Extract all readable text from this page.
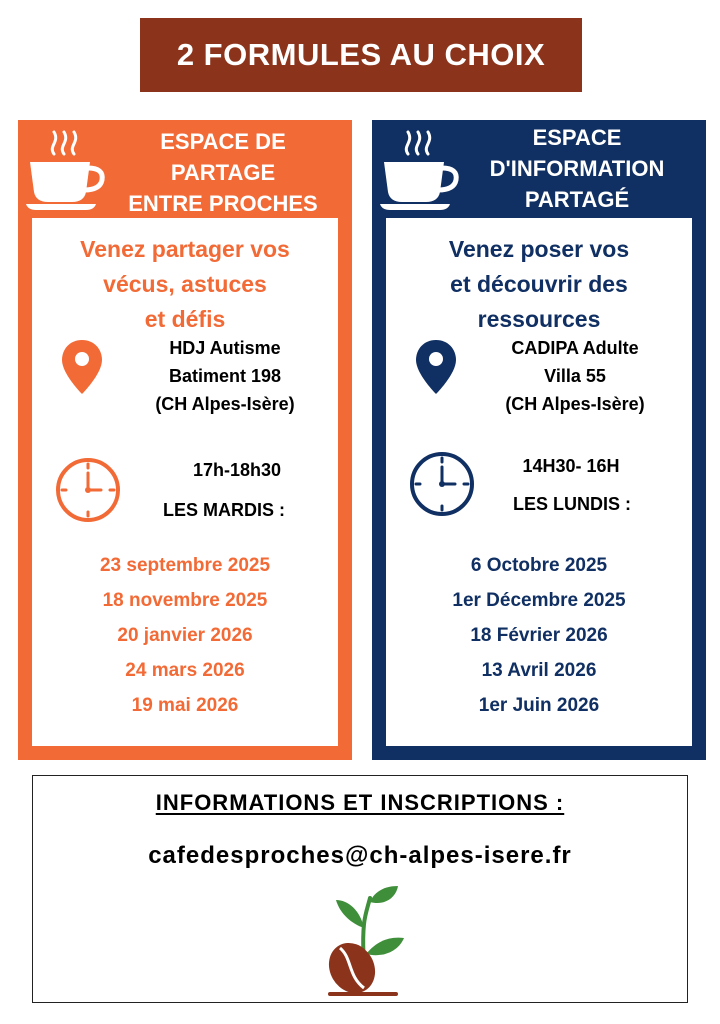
2 FORMULES AU CHOIX
ESPACE DE
PARTAGE
ENTRE PROCHES
Venez partager vos
vécus, astuces
et défis
HDJ Autisme
Batiment 198
(CH Alpes-Isère)
17h-18h30
LES MARDIS :
23 septembre 2025
18 novembre 2025
20 janvier 2026
24 mars 2026
19 mai 2026
ESPACE
D'INFORMATION
PARTAGÉ
Venez poser vos
et découvrir des
ressources
CADIPA Adulte
Villa 55
(CH Alpes-Isère)
14H30- 16H
LES LUNDIS :
6 Octobre 2025
1er Décembre 2025
18 Février 2026
13 Avril 2026
1er Juin 2026
INFORMATIONS ET INSCRIPTIONS :
cafedesproches@ch-alpes-isere.fr
